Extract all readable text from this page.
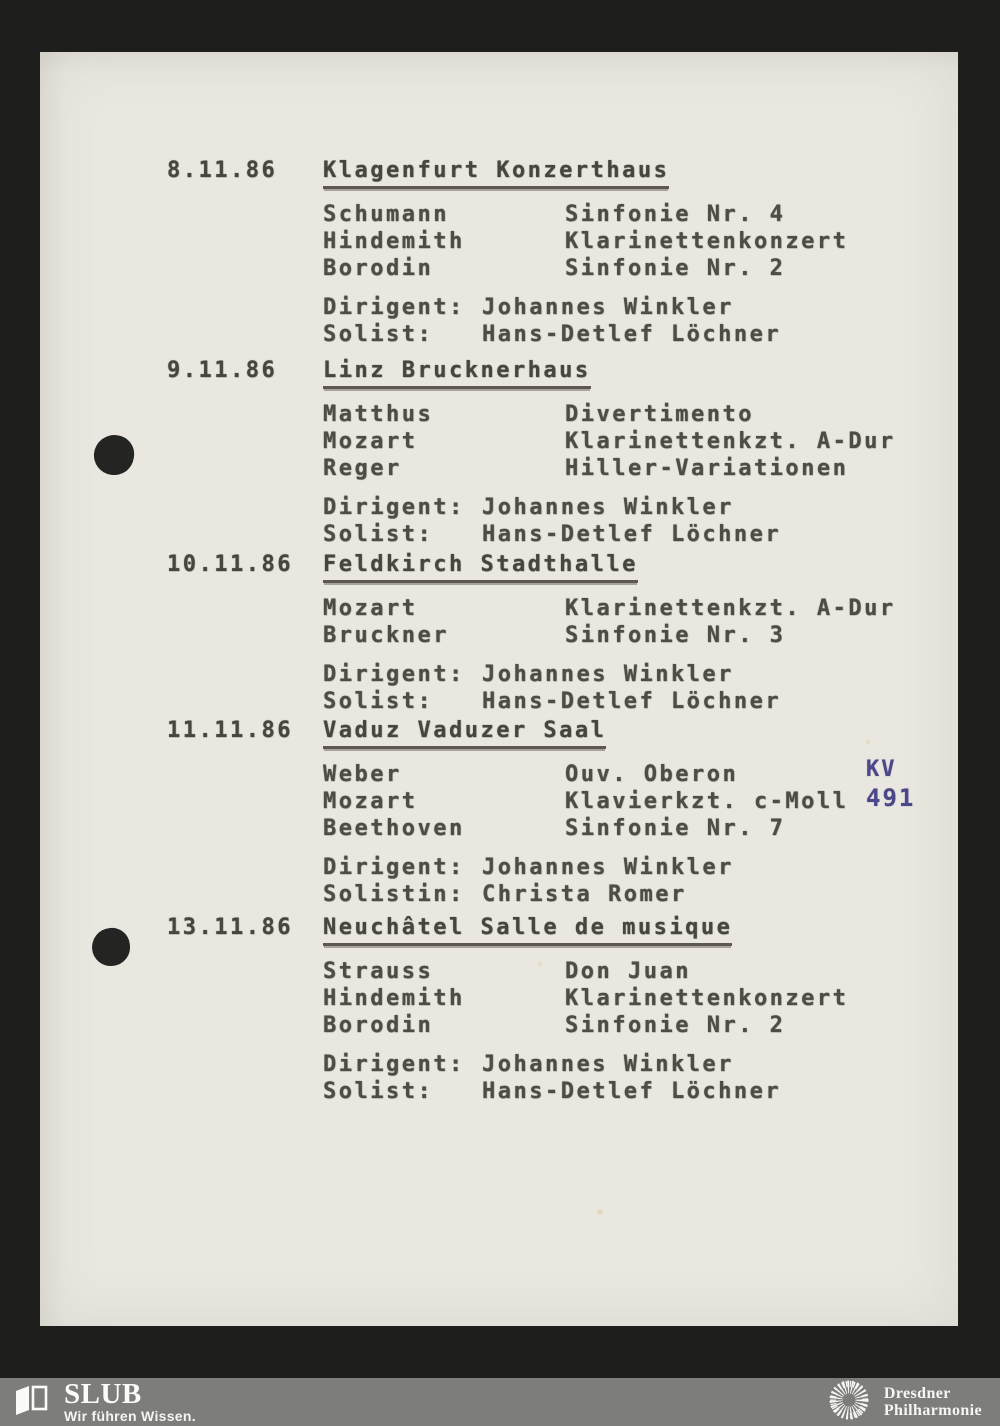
8.11.86 Klagenfurt Konzerthaus
Schumann	Sinfonie Nr. 4
Hindemith	Klarinettenkonzert
Borodin	Sinfonie Nr. 2
Dirigent: Johannes Winkler
Solist: Hans-Detlef Löchner
9.11.86 Linz Brucknerhaus
Matthus	Divertimento
Mozart	Klarinettenkzt. A-Dur
Reger	Hiller-Variationen
Dirigent: Johannes Winkler
Solist: Hans-Detlef Löchner
10.11.86 Feldkirch Stadthalle
Mozart	Klarinettenkzt. A-Dur
Bruckner	Sinfonie Nr. 3
Dirigent: Johannes Winkler
Solist: Hans-Detlef Löchner
11.11.86 Vaduz Vaduzer Saal
Weber	Ouv. Oberon
Mozart	Klavierkzt. c-Moll
Beethoven	Sinfonie Nr. 7
Dirigent: Johannes Winkler
Solistin: Christa Romer
KV
491
13.11.86 Neuchâtel Salle de musique
Strauss	Don Juan
Hindemith	Klarinettenkonzert
Borodin	Sinfonie Nr. 2
Dirigent: Johannes Winkler
Solist: Hans-Detlef Löchner
SLUB
Wir führen Wissen.
Dresdner
Philharmonie
